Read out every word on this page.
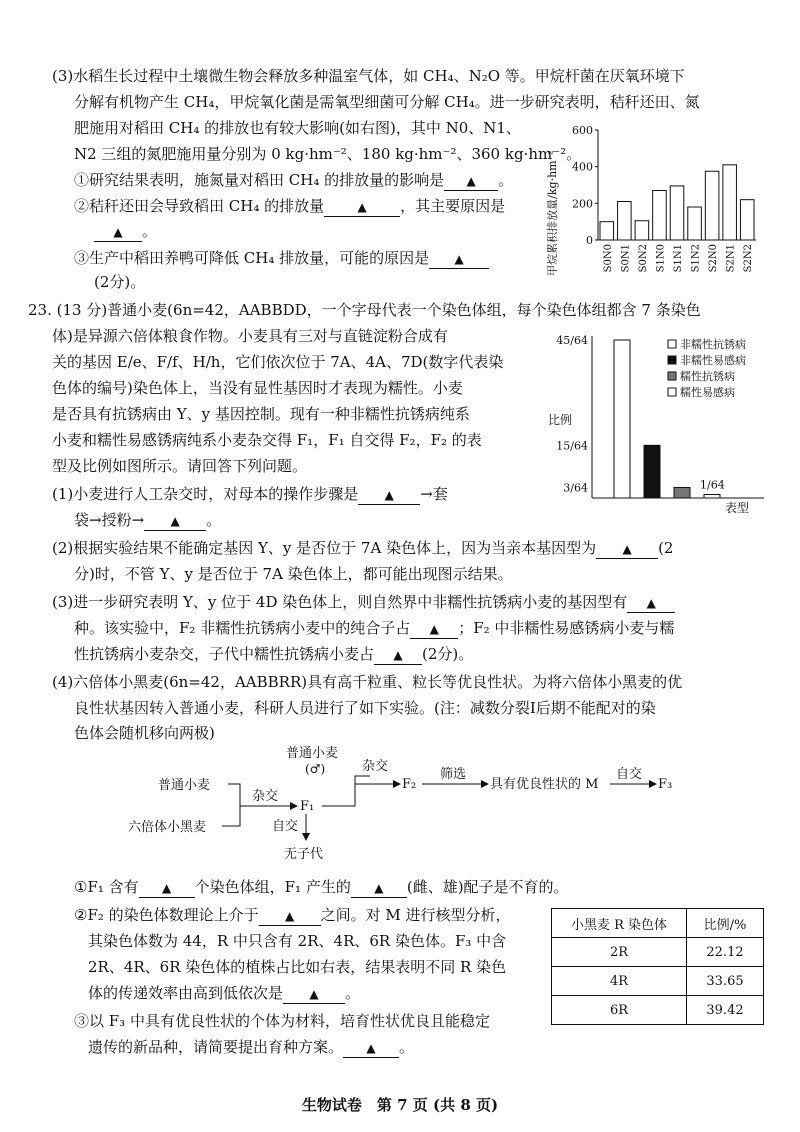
(3)水稻生长过程中土壤微生物会释放多种温室气体，如 CH₄、N₂O 等。甲烷杆菌在厌氧环境下
分解有机物产生 CH₄，甲烷氧化菌是需氧型细菌可分解 CH₄。进一步研究表明，秸秆还田、氮
肥施用对稻田 CH₄ 的排放也有较大影响(如右图)，其中 N0、N1、
N2 三组的氮肥施用量分别为 0 kg·hm⁻²、180 kg·hm⁻²、360 kg·hm⁻²。
①研究结果表明，施氮量对稻田 CH₄ 的排放量的影响是 ▲ 。
②秸秆还田会导致稻田 CH₄ 的排放量	▲ ，其主要原因是
▲ 。
③生产中稻田养鸭可降低 CH₄ 排放量，可能的原因是 ▲
(2分)。
甲烷累积排放量/kg·hm⁻² 0
200
400
600
S0N0 S0N1 S0N2 S1N0 S1N1 S1N2 S2N0 S2N1 S2N2
23. (13 分)普通小麦(6n=42，AABBDD，一个字母代表一个染色体组，每个染色体组都含 7 条染色
体)是异源六倍体粮食作物。小麦具有三对与直链淀粉合成有
关的基因 E/e、F/f、H/h，它们依次位于 7A、4A、7D(数字代表染
色体的编号)染色体上，当没有显性基因时才表现为糯性。小麦
是否具有抗锈病由 Y、y 基因控制。现有一种非糯性抗锈病纯系
小麦和糯性易感锈病纯系小麦杂交得 F₁，F₁ 自交得 F₂，F₂ 的表
型及比例如图所示。请回答下列问题。
(1)小麦进行人工杂交时，对母本的操作步骤是 ▲ →套
袋→授粉→ ▲ 。
(2)根据实验结果不能确定基因 Y、y 是否位于 7A 染色体上，因为当亲本基因型为 ▲ (2
分)时，不管 Y、y 是否位于 7A 染色体上，都可能出现图示结果。
(3)进一步研究表明 Y、y 位于 4D 染色体上，则自然界中非糯性抗锈病小麦的基因型有 ▲
种。该实验中，F₂ 非糯性抗锈病小麦中的纯合子占 ▲ ；F₂ 中非糯性易感锈病小麦与糯
性抗锈病小麦杂交，子代中糯性抗锈病小麦占 ▲ (2分)。
(4)六倍体小黑麦(6n=42，AABBRR)具有高千粒重、粒长等优良性状。为将六倍体小黑麦的优
良性状基因转入普通小麦，科研人员进行了如下实验。(注：减数分裂Ⅰ后期不能配对的染
色体会随机移向两极)
比例
表型
45/64
15/64
3/64	1/64
非糯性抗锈病
非糯性易感病
糯性抗锈病
糯性易感病
普通小麦
六倍体小黑麦
杂交
F₁
自交
无子代
普通小麦
(♂)	杂交
F₂
筛选
具有优良性状的 M
自交
F₃
①F₁ 含有 ▲ 个染色体组，F₁ 产生的 ▲ (雌、雄)配子是不育的。
②F₂ 的染色体数理论上介于 ▲ 之间。对 M 进行核型分析，
其染色体数为 44，R 中只含有 2R、4R、6R 染色体。F₃ 中含
2R、4R、6R 染色体的植株占比如右表，结果表明不同 R 染色
体的传递效率由高到低依次是 ▲ 。
③以 F₃ 中具有优良性状的个体为材料，培育性状优良且能稳定
遗传的新品种，请简要提出育种方案。 ▲ 。
小黑麦 R 染色体	比例/%
2R	22.12
4R	33.65
6R	39.42
生物试卷　第 7 页 (共 8 页)
